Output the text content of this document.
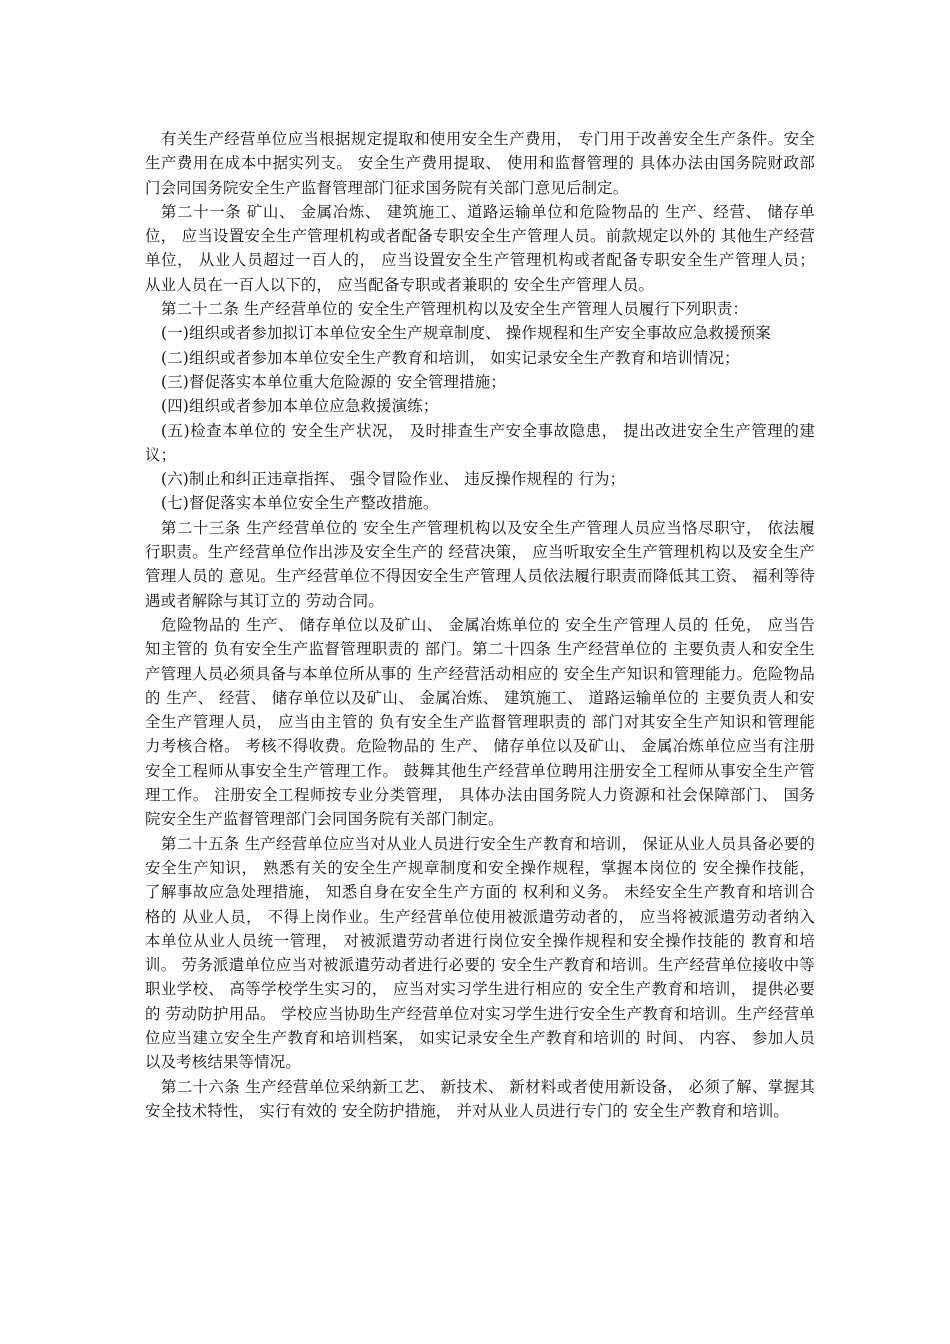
有关生产经营单位应当根据规定提取和使用安全生产费用， 专门用于改善安全生产条件。安全生产费用在成本中据实列支。 安全生产费用提取、 使用和监督管理的 具体办法由国务院财政部门会同国务院安全生产监督管理部门征求国务院有关部门意见后制定。

第二十一条 矿山、 金属冶炼、 建筑施工、道路运输单位和危险物品的 生产、经营、 储存单位， 应当设置安全生产管理机构或者配备专职安全生产管理人员。前款规定以外的 其他生产经营单位， 从业人员超过一百人的， 应当设置安全生产管理机构或者配备专职安全生产管理人员； 从业人员在一百人以下的， 应当配备专职或者兼职的 安全生产管理人员。

第二十二条 生产经营单位的 安全生产管理机构以及安全生产管理人员履行下列职责：

(一)组织或者参加拟订本单位安全生产规章制度、 操作规程和生产安全事故应急救援预案

(二)组织或者参加本单位安全生产教育和培训， 如实记录安全生产教育和培训情况；

(三)督促落实本单位重大危险源的 安全管理措施；

(四)组织或者参加本单位应急救援演练；

(五)检查本单位的 安全生产状况， 及时排查生产安全事故隐患， 提出改进安全生产管理的建议；

(六)制止和纠正违章指挥、 强令冒险作业、 违反操作规程的 行为；

(七)督促落实本单位安全生产整改措施。

第二十三条 生产经营单位的 安全生产管理机构以及安全生产管理人员应当恪尽职守， 依法履行职责。生产经营单位作出涉及安全生产的 经营决策， 应当听取安全生产管理机构以及安全生产管理人员的 意见。生产经营单位不得因安全生产管理人员依法履行职责而降低其工资、 福利等待遇或者解除与其订立的 劳动合同。

危险物品的 生产、 储存单位以及矿山、 金属冶炼单位的 安全生产管理人员的 任免， 应当告知主管的 负有安全生产监督管理职责的 部门。第二十四条 生产经营单位的 主要负责人和安全生产管理人员必须具备与本单位所从事的 生产经营活动相应的 安全生产知识和管理能力。危险物品的 生产、 经营、 储存单位以及矿山、 金属冶炼、 建筑施工、 道路运输单位的 主要负责人和安全生产管理人员， 应当由主管的 负有安全生产监督管理职责的 部门对其安全生产知识和管理能力考核合格。 考核不得收费。危险物品的 生产、 储存单位以及矿山、 金属冶炼单位应当有注册安全工程师从事安全生产管理工作。 鼓舞其他生产经营单位聘用注册安全工程师从事安全生产管理工作。 注册安全工程师按专业分类管理， 具体办法由国务院人力资源和社会保障部门、 国务院安全生产监督管理部门会同国务院有关部门制定。

第二十五条 生产经营单位应当对从业人员进行安全生产教育和培训， 保证从业人员具备必要的安全生产知识， 熟悉有关的安全生产规章制度和安全操作规程，掌握本岗位的 安全操作技能， 了解事故应急处理措施， 知悉自身在安全生产方面的 权利和义务。 未经安全生产教育和培训合格的 从业人员， 不得上岗作业。生产经营单位使用被派遣劳动者的， 应当将被派遣劳动者纳入本单位从业人员统一管理， 对被派遣劳动者进行岗位安全操作规程和安全操作技能的 教育和培训。 劳务派遣单位应当对被派遣劳动者进行必要的 安全生产教育和培训。生产经营单位接收中等职业学校、 高等学校学生实习的， 应当对实习学生进行相应的 安全生产教育和培训， 提供必要的 劳动防护用品。 学校应当协助生产经营单位对实习学生进行安全生产教育和培训。生产经营单位应当建立安全生产教育和培训档案， 如实记录安全生产教育和培训的 时间、 内容、 参加人员以及考核结果等情况。

第二十六条 生产经营单位采纳新工艺、 新技术、 新材料或者使用新设备， 必须了解、掌握其安全技术特性， 实行有效的 安全防护措施， 并对从业人员进行专门的 安全生产教育和培训。
